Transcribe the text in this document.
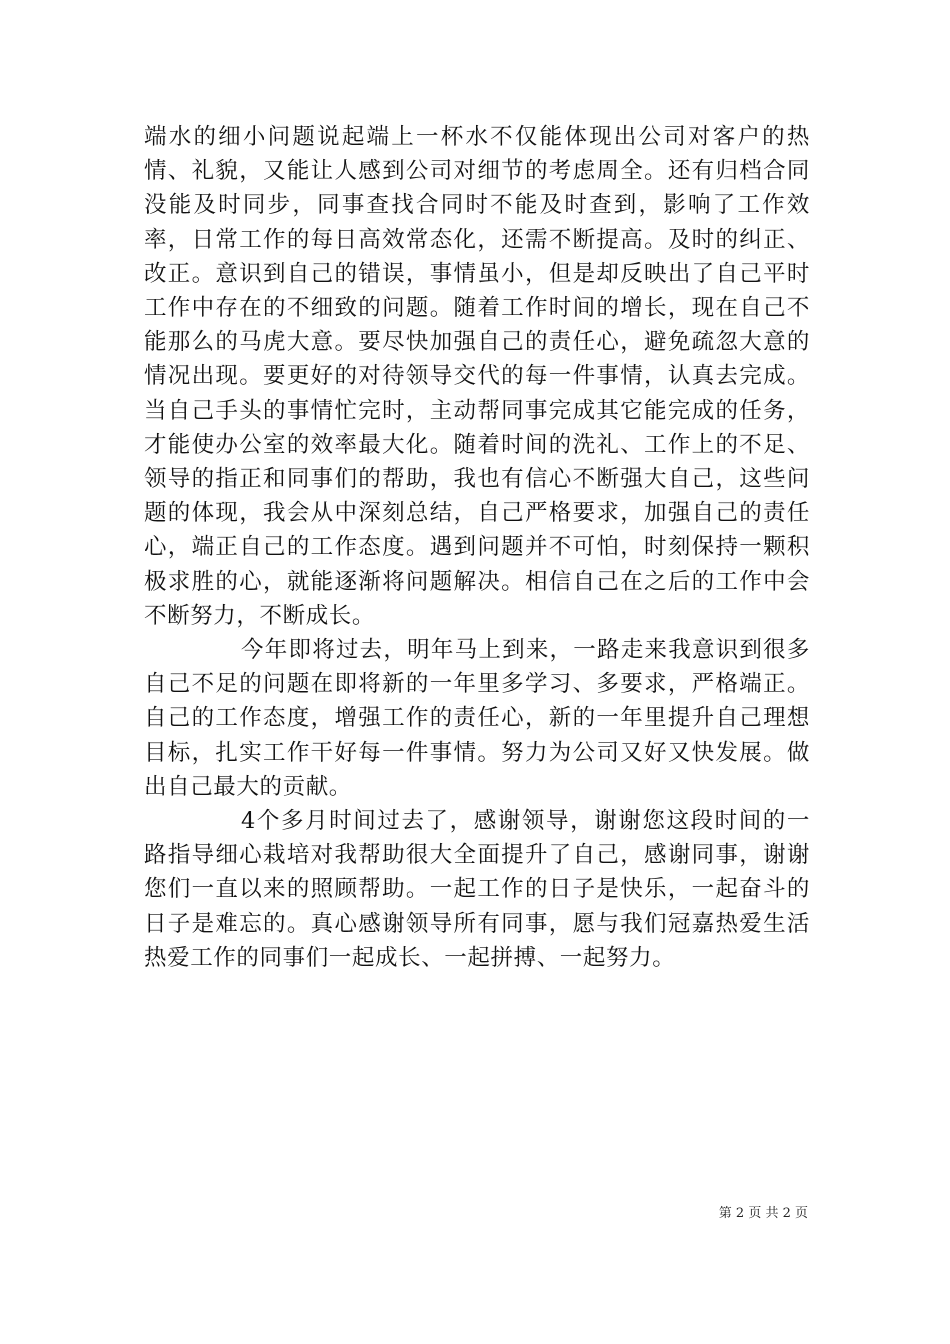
端水的细小问题说起端上一杯水不仅能体现出公司对客户的热情、礼貌，又能让人感到公司对细节的考虑周全。还有归档合同没能及时同步，同事查找合同时不能及时查到，影响了工作效率，日常工作的每日高效常态化，还需不断提高。及时的纠正、改正。意识到自己的错误，事情虽小，但是却反映出了自己平时工作中存在的不细致的问题。随着工作时间的增长，现在自己不能那么的马虎大意。要尽快加强自己的责任心，避免疏忽大意的情况出现。要更好的对待领导交代的每一件事情，认真去完成。当自己手头的事情忙完时，主动帮同事完成其它能完成的任务，才能使办公室的效率最大化。随着时间的洗礼、工作上的不足、领导的指正和同事们的帮助，我也有信心不断强大自己，这些问题的体现，我会从中深刻总结，自己严格要求，加强自己的责任心，端正自己的工作态度。遇到问题并不可怕，时刻保持一颗积极求胜的心，就能逐渐将问题解决。相信自己在之后的工作中会不断努力，不断成长。

今年即将过去，明年马上到来，一路走来我意识到很多自己不足的问题在即将新的一年里多学习、多要求，严格端正。自己的工作态度，增强工作的责任心，新的一年里提升自己理想目标，扎实工作干好每一件事情。努力为公司又好又快发展。做出自己最大的贡献。

4个多月时间过去了，感谢领导，谢谢您这段时间的一路指导细心栽培对我帮助很大全面提升了自己，感谢同事，谢谢您们一直以来的照顾帮助。一起工作的日子是快乐，一起奋斗的日子是难忘的。真心感谢领导所有同事，愿与我们冠嘉热爱生活热爱工作的同事们一起成长、一起拼搏、一起努力。

第 2 页 共 2 页
